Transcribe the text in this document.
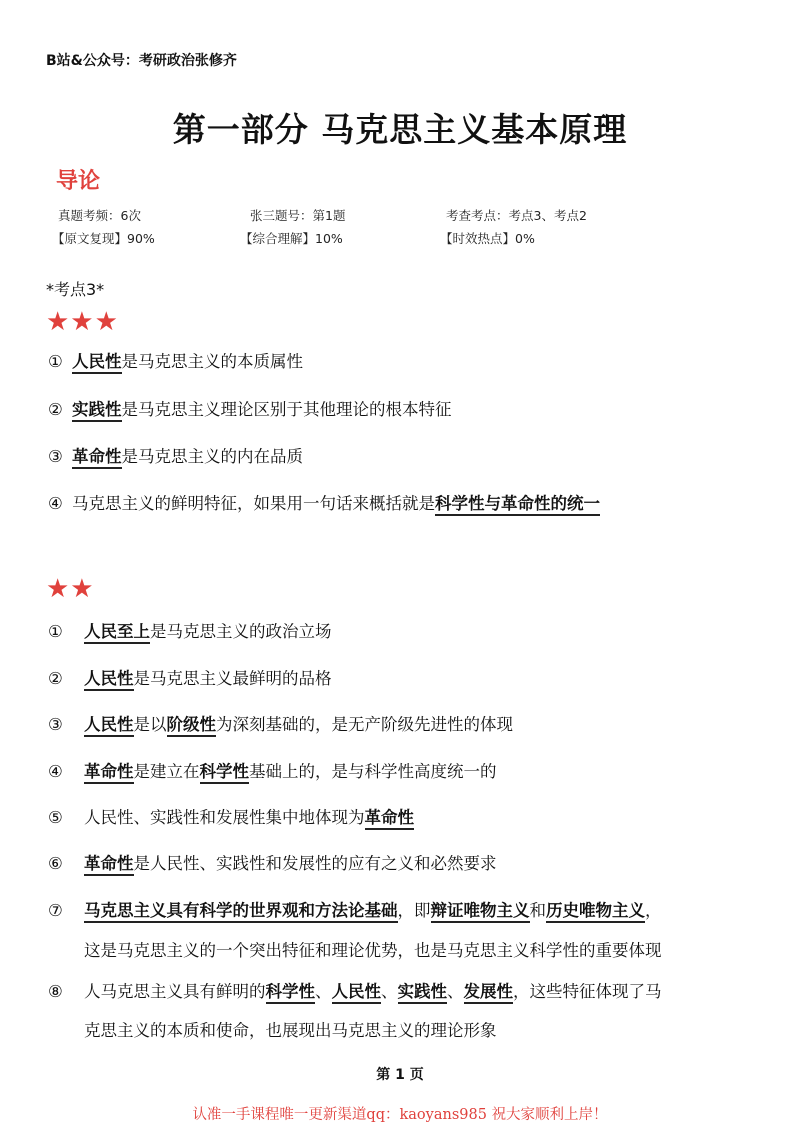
B站&公众号：考研政治张修齐
第一部分 马克思主义基本原理
导论
真题考频：6次	张三题号：第1题	考查考点：考点3、考点2
【原文复现】90%	【综合理解】10%	【时效热点】0%
*考点3*
★★★
① 人民性是马克思主义的本质属性
② 实践性是马克思主义理论区别于其他理论的根本特征
③ 革命性是马克思主义的内在品质
④ 马克思主义的鲜明特征，如果用一句话来概括就是科学性与革命性的统一
★★
① 人民至上是马克思主义的政治立场
② 人民性是马克思主义最鲜明的品格
③ 人民性是以阶级性为深刻基础的，是无产阶级先进性的体现
④ 革命性是建立在科学性基础上的，是与科学性高度统一的
⑤ 人民性、实践性和发展性集中地体现为革命性
⑥ 革命性是人民性、实践性和发展性的应有之义和必然要求
⑦ 马克思主义具有科学的世界观和方法论基础，即辩证唯物主义和历史唯物主义，
这是马克思主义的一个突出特征和理论优势，也是马克思主义科学性的重要体现
⑧ 人马克思主义具有鲜明的科学性、人民性、实践性、发展性，这些特征体现了马
克思主义的本质和使命，也展现出马克思主义的理论形象
第 1 页
认准一手课程唯一更新渠道qq：kaoyans985 祝大家顺利上岸！
